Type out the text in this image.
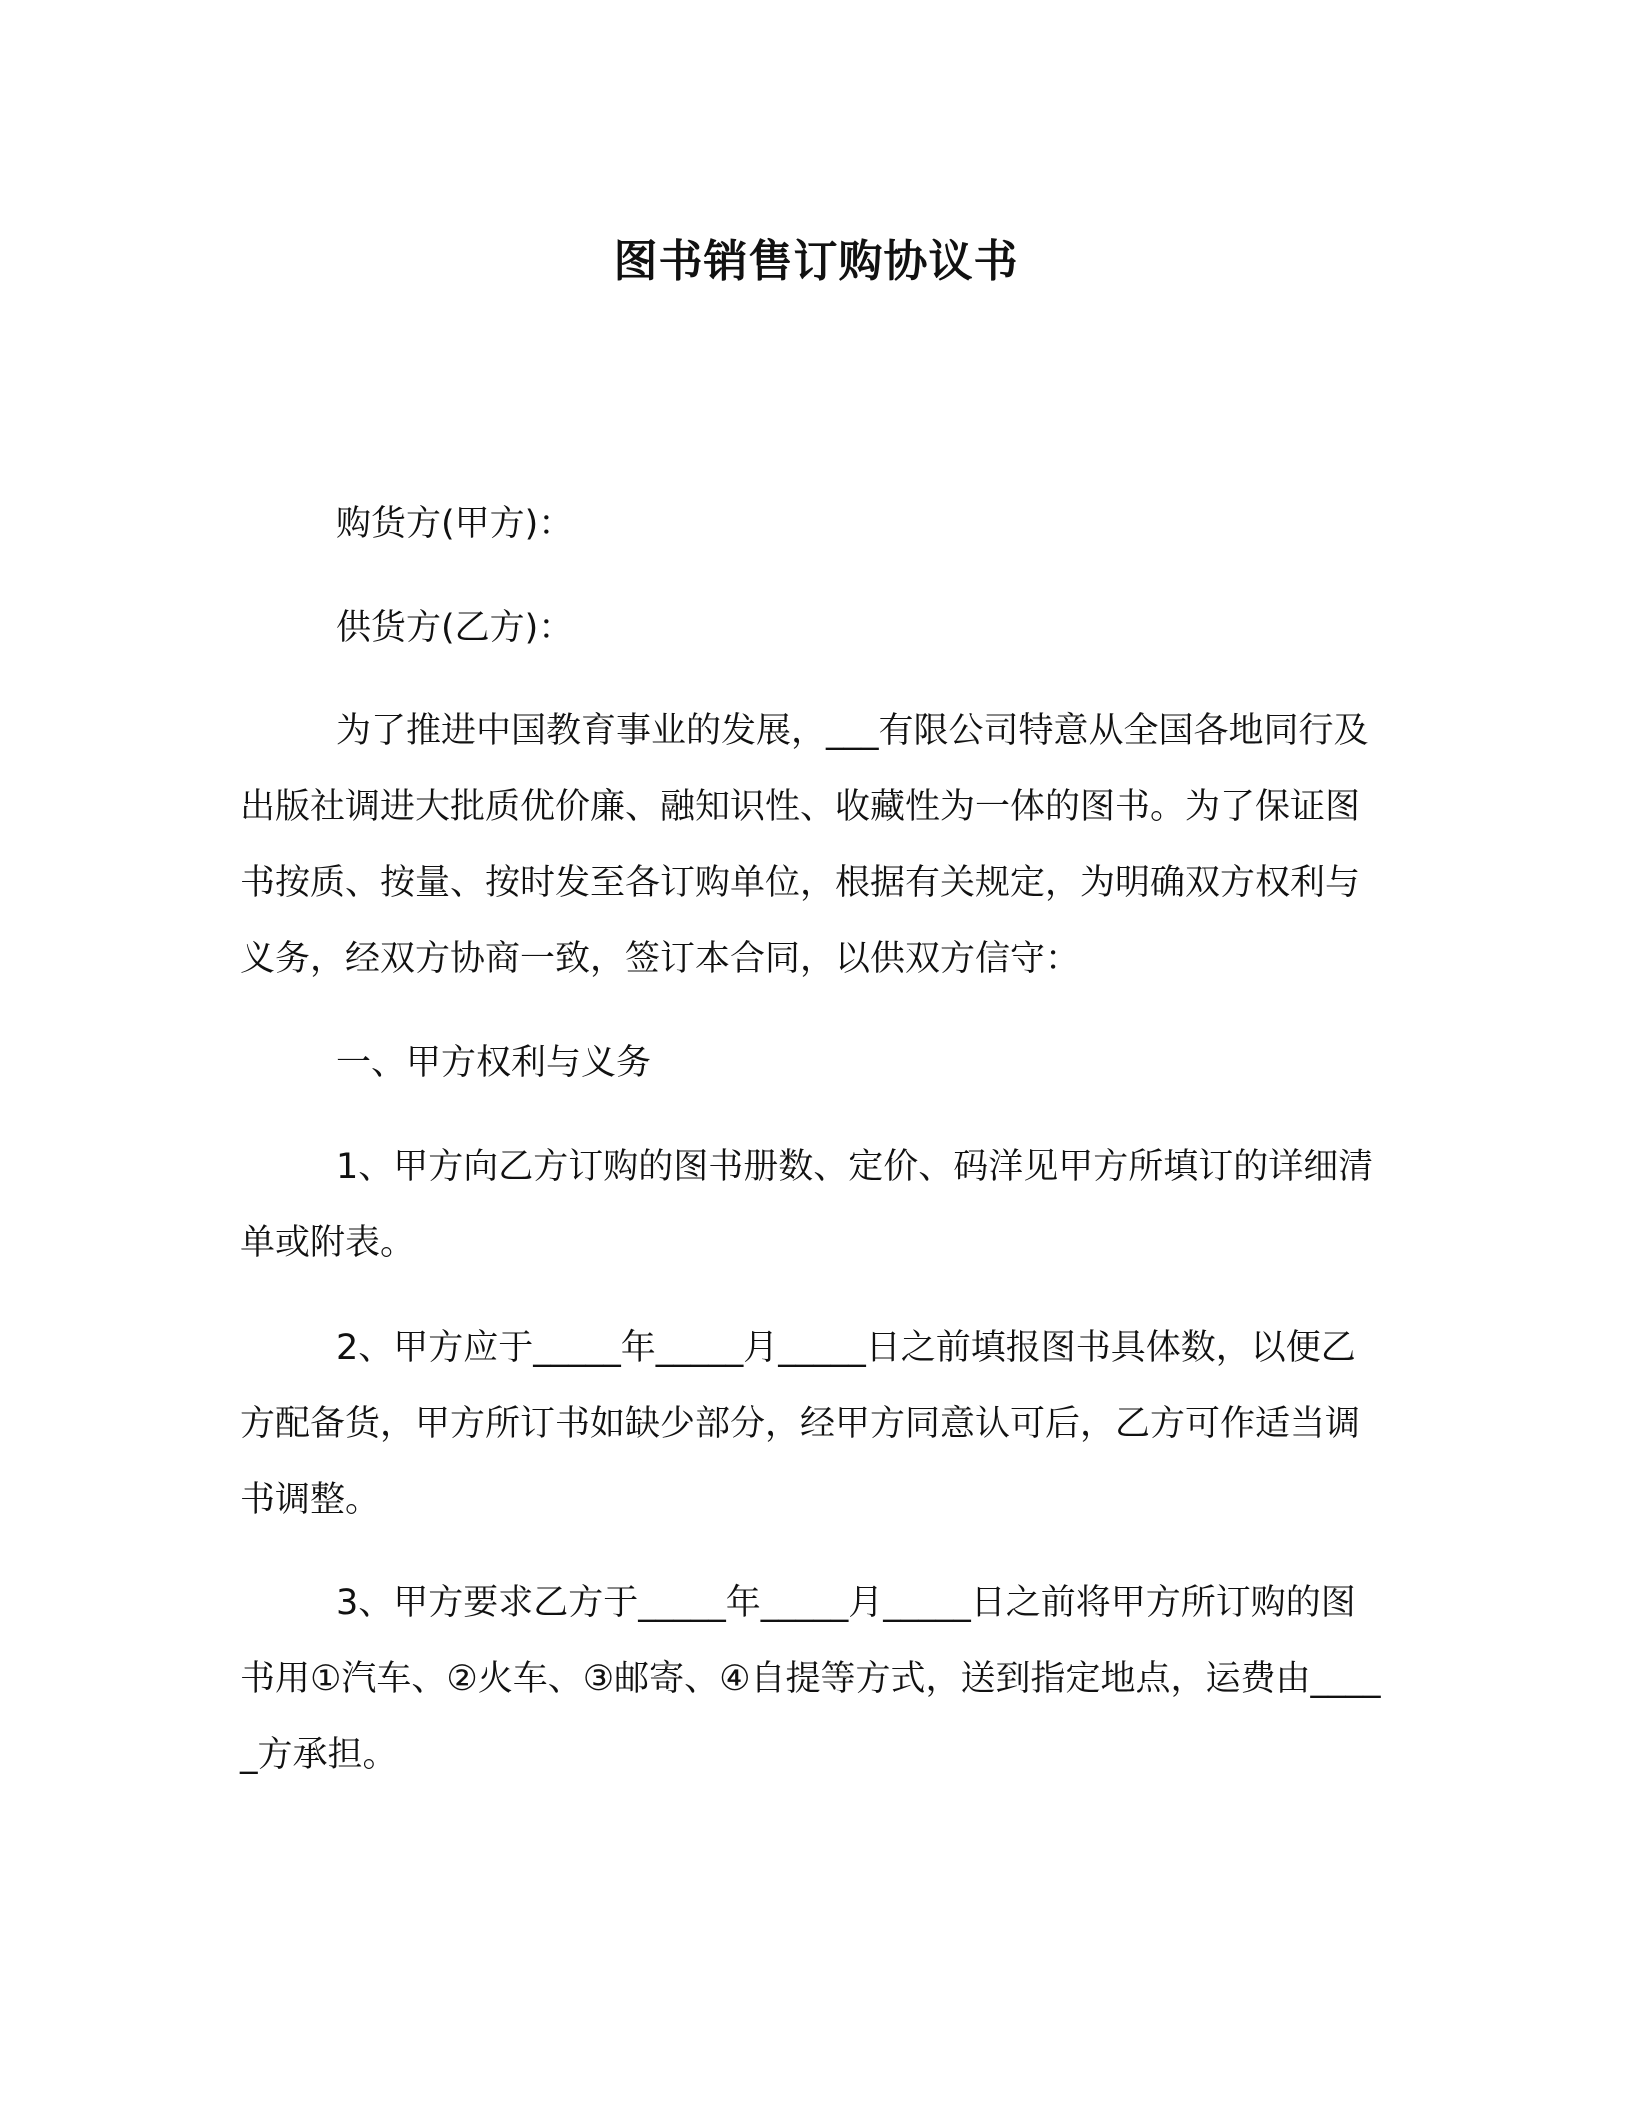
图书销售订购协议书

购货方(甲方)：

供货方(乙方)：

为了推进中国教育事业的发展，___有限公司特意从全国各地同行及出版社调进大批质优价廉、融知识性、收藏性为一体的图书。为了保证图书按质、按量、按时发至各订购单位，根据有关规定，为明确双方权利与义务，经双方协商一致，签订本合同，以供双方信守：

一、甲方权利与义务

1、甲方向乙方订购的图书册数、定价、码洋见甲方所填订的详细清单或附表。

2、甲方应于_____年_____月_____日之前填报图书具体数，以便乙方配备货，甲方所订书如缺少部分，经甲方同意认可后，乙方可作适当调书调整。

3、甲方要求乙方于_____年_____月_____日之前将甲方所订购的图书用①汽车、②火车、③邮寄、④自提等方式，送到指定地点，运费由_____方承担。
